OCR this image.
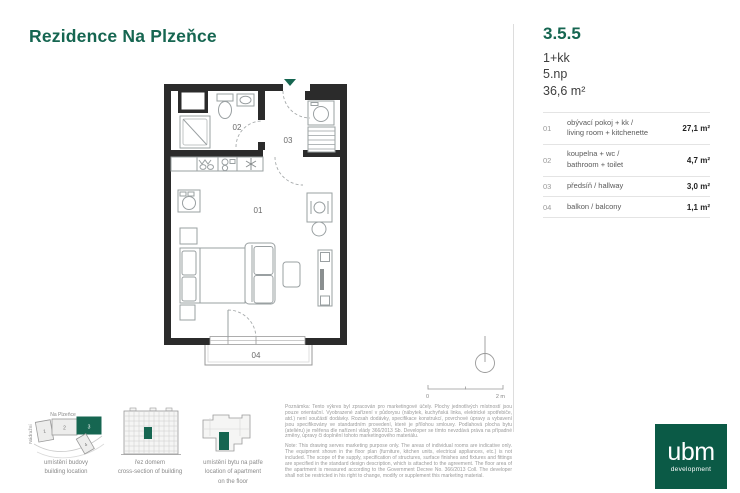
Rezidence Na Plzeňce
04
02
03
01
0	2 m
3.5.5
1+kk
5.np
36,6 m²
01
obývací pokoj + kk /
living room + kitchenette	27,1 m²
02
koupelna + wc /
bathroom + toilet	4,7 m²
03	předsíň / hallway	3,0 m²
04	balkon / balcony	1,1 m²
Na Plzeňce
Nádražní 1
2	3
4
umístění budovy
building location
řez domem
cross-section of building
umístění bytu na patře
location of apartment
on the floor

Poznámka: Tento výkres byl zpracován pro marketingové účely. Plochy jednotlivých místností jsou pouze orientační. Vyobrazené zařízení v půdorysu (nábytek, kuchyňská linka, elektrické spotřebiče, atd.) není součástí dodávky. Rozsah dodávky, specifikace konstrukcí, povrchové úpravy a vybavení jsou specifikovány ve standardním provedení, které je přílohou smlouvy. Podlahová plocha bytu (ateliéru) je měřena dle nařízení vlády 366/2013 Sb. Developer se tímto nevzdává práva na případné změny, úpravy či doplnění tohoto marketingového materiálu.

Note: This drawing serves marketing purpose only. The areas of individual rooms are indicative only. The equipment shown in the floor plan (furniture, kitchen units, electrical appliances, etc.) is not included. The scope of the supply, specification of structures, surface finishes and fixtures and fittings are specified in the standard design description, which is attached to the agreement. The floor area of the apartment is measured according to the Government Decree No. 366/2013 Coll. The developer shall not be restricted in his right to change, modify or supplement this marketing material.

ubm
development
